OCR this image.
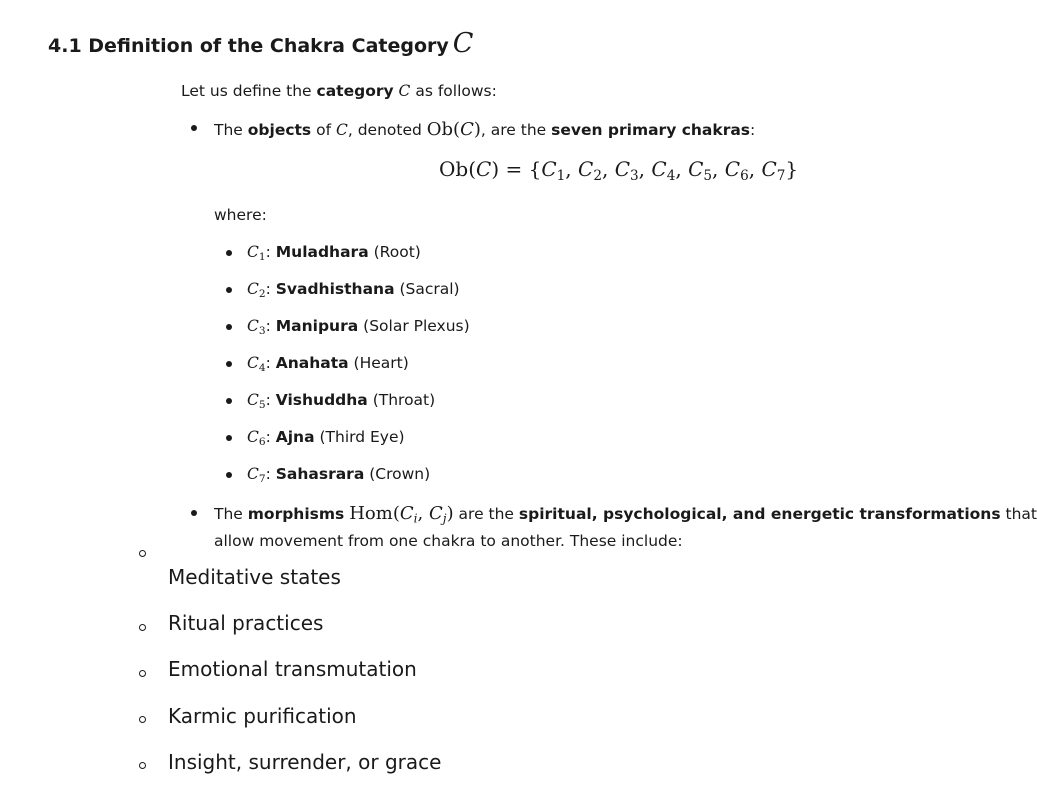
4.1 Definition of the Chakra Category C
Let us define the category C as follows:
The objects of C, denoted Ob(C), are the seven primary chakras:
$Ob(C) = \{C_1$, $C_2$, $C_3$, $C_4$, $C_5$, $C_6$, $C_7$}
where:
$C_1$: Muladhara (Root)
$C_2$: Svadhisthana (Sacral)
$C_3$: Manipura (Solar Plexus)
$C_4$: Anahata (Heart)
$C_5$: Vishuddha (Throat)
$C_6$: Ajna (Third Eye)
$C_7$: Sahasrara (Crown)
The morphisms $Hom(C_i$, $C_j$) are the spiritual, psychological, and energetic transformations that
allow movement from one chakra to another. These include:
Meditative states
Ritual practices
Emotional transmutation
Karmic purification
Insight, surrender, or grace
